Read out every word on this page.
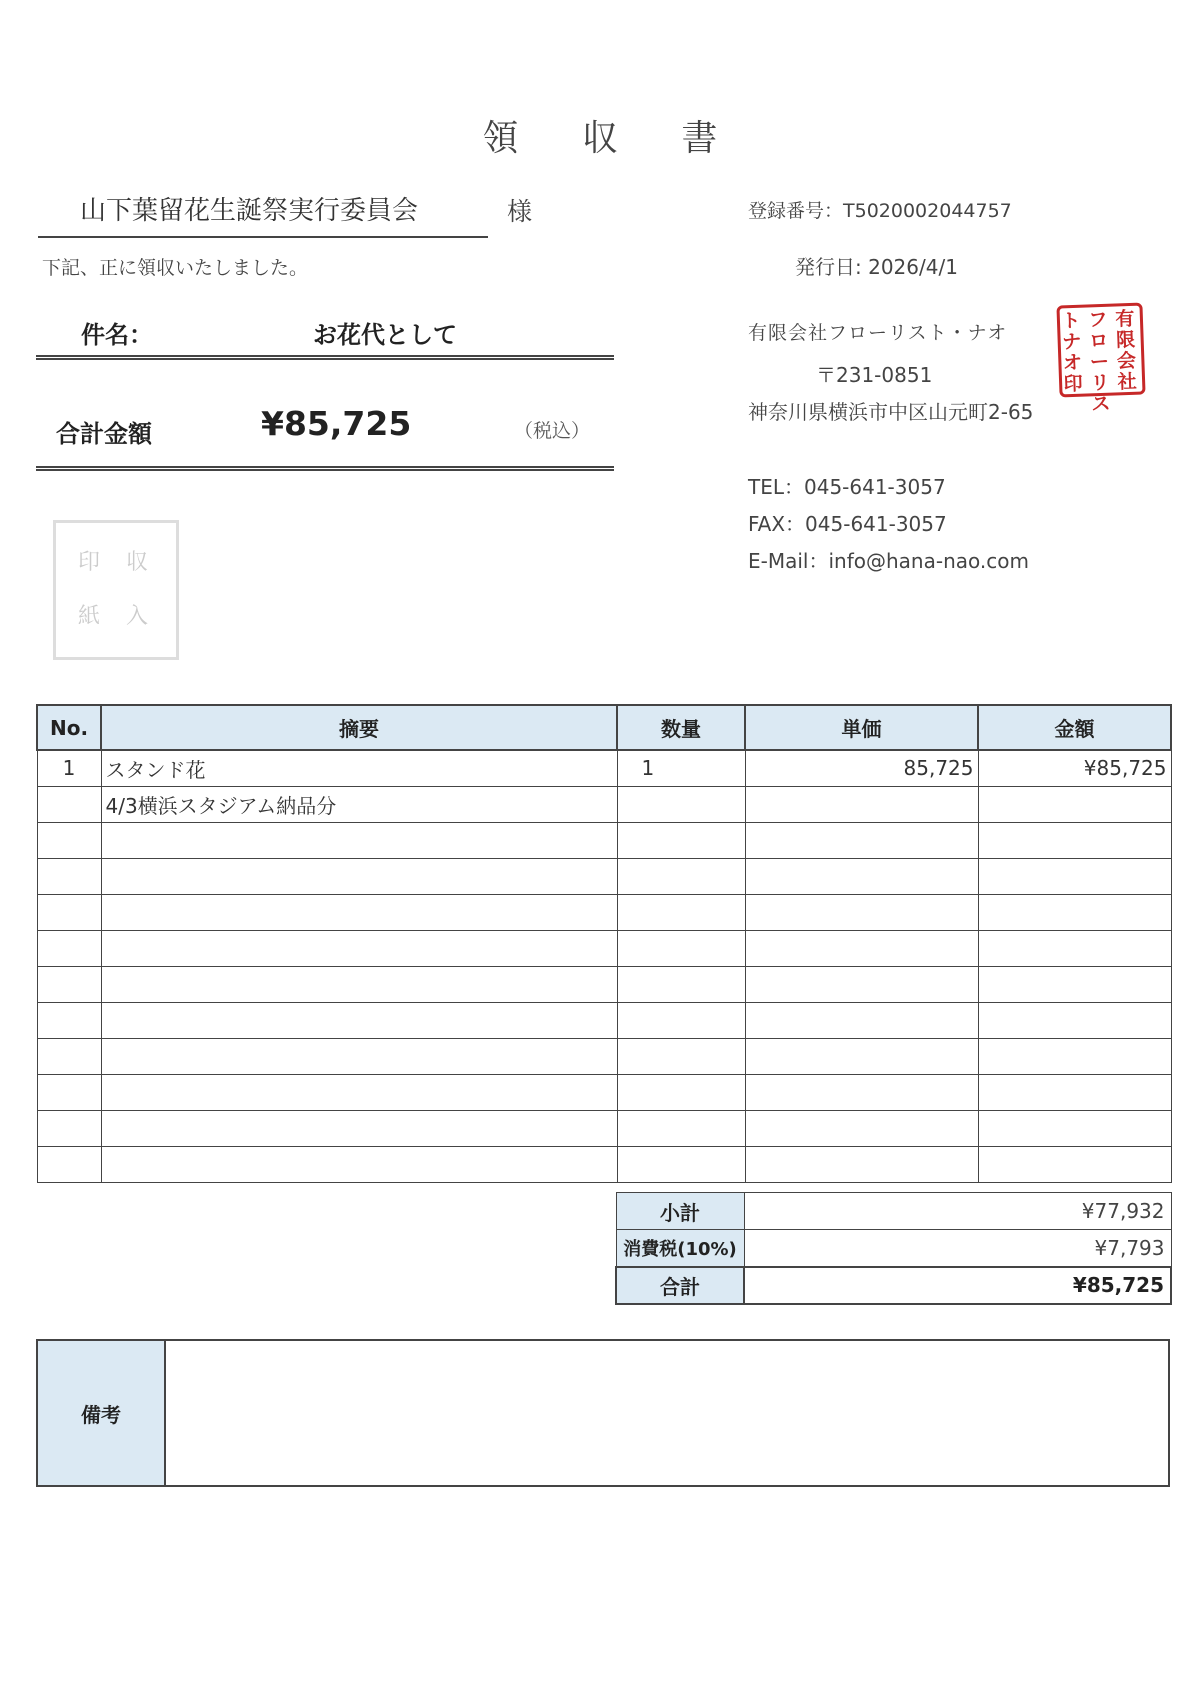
領 収 書
山下葉留花生誕祭実行委員会	様
下記、正に領収いたしました。
件名：	お花代として
合計金額	¥85,725	（税込）
印 収
紙 入
登録番号：T5020002044757
発行日: 2026/4/1
有限会社フローリスト・ナオ
〒231-0851
神奈川県横浜市中区山元町2-65
TEL：045-641-3057
FAX：045-641-3057
E-Mail：info@hana-nao.com
有限会社
フローリス
トナオ印
No.	摘要	数量	単価	金額
1	スタンド花	1	85,725	¥85,725
	4/3横浜スタジアム納品分			

小計	¥77,932
消費税(10%)	¥7,793
合計	¥85,725
備考
